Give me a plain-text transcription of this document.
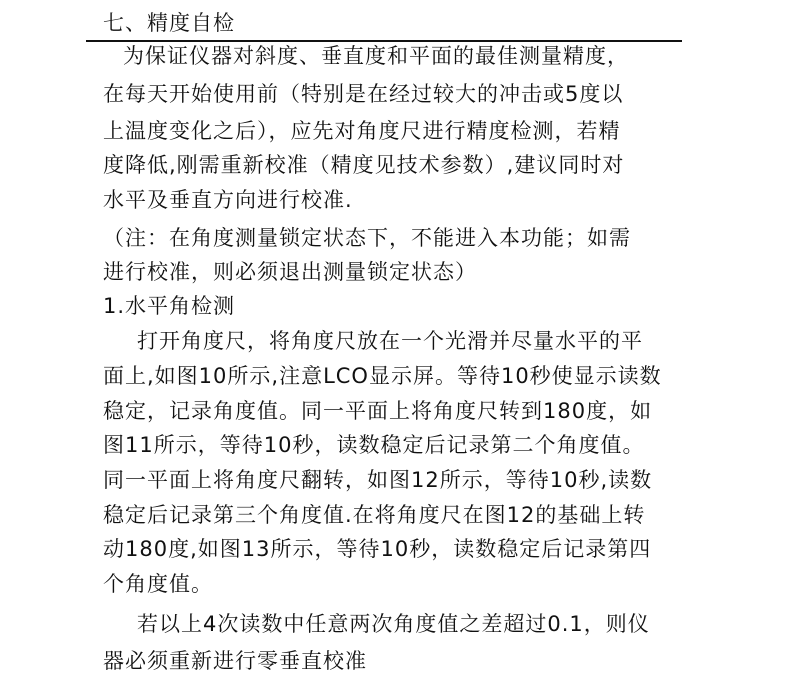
七、精度自检
为保证仪器对斜度、垂直度和平面的最佳测量精度，
在每天开始使用前（特别是在经过较大的冲击或5度以
上温度变化之后），应先对角度尺进行精度检测，若精
度降低,刚需重新校准（精度见技术参数）,建议同时对
水平及垂直方向进行校准.
（注：在角度测量锁定状态下，不能进入本功能；如需
进行校准，则必须退出测量锁定状态）
1.水平角检测
打开角度尺，将角度尺放在一个光滑并尽量水平的平
面上,如图10所示,注意LCO显示屏。等待10秒使显示读数
稳定，记录角度值。同一平面上将角度尺转到180度，如
图11所示，等待10秒，读数稳定后记录第二个角度值。
同一平面上将角度尺翻转，如图12所示，等待10秒,读数
稳定后记录第三个角度值.在将角度尺在图12的基础上转
动180度,如图13所示，等待10秒，读数稳定后记录第四
个角度值。
若以上4次读数中任意两次角度值之差超过0.1，则仪
器必须重新进行零垂直校准
